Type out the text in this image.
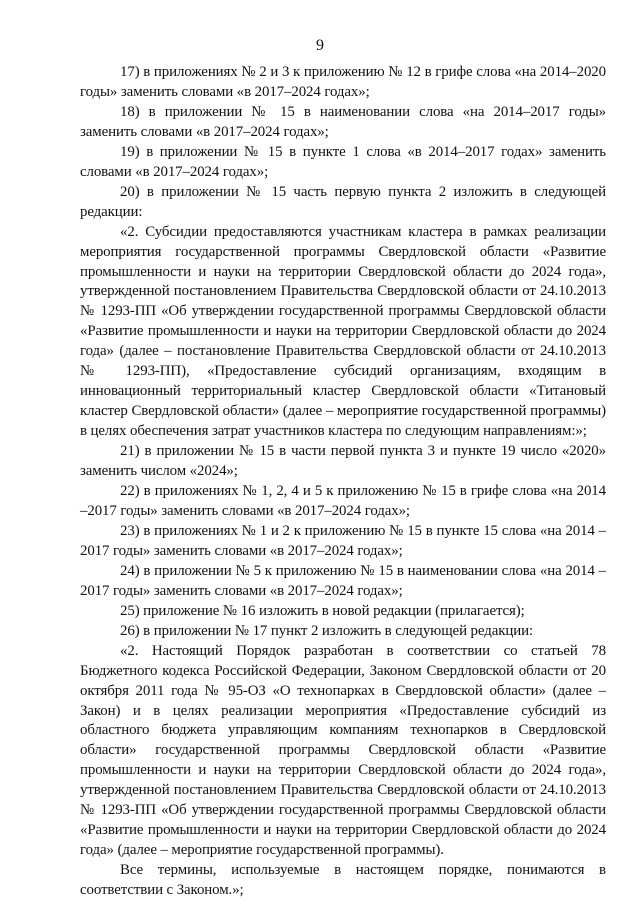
9

17) в приложениях № 2 и 3 к приложению № 12 в грифе слова «на 2014–2020 годы» заменить словами «в 2017–2024 годах»;

18) в приложении № 15 в наименовании слова «на 2014–2017 годы» заменить словами «в 2017–2024 годах»;

19) в приложении № 15 в пункте 1 слова «в 2014–2017 годах» заменить словами «в 2017–2024 годах»;

20) в приложении № 15 часть первую пункта 2 изложить в следующей редакции:

«2. Субсидии предоставляются участникам кластера в рамках реализации мероприятия государственной программы Свердловской области «Развитие промышленности и науки на территории Свердловской области до 2024 года», утвержденной постановлением Правительства Свердловской области от 24.10.2013 № 1293-ПП «Об утверждении государственной программы Свердловской области «Развитие промышленности и науки на территории Свердловской области до 2024 года» (далее – постановление Правительства Свердловской области от 24.10.2013 № 1293-ПП), «Предоставление субсидий организациям, входящим в инновационный территориальный кластер Свердловской области «Титановый кластер Свердловской области» (далее – мероприятие государственной программы) в целях обеспечения затрат участников кластера по следующим направлениям:»;

21) в приложении № 15 в части первой пункта 3 и пункте 19 число «2020» заменить числом «2024»;

22) в приложениях № 1, 2, 4 и 5 к приложению № 15 в грифе слова «на 2014 –2017 годы» заменить словами «в 2017–2024 годах»;

23) в приложениях № 1 и 2 к приложению № 15 в пункте 15 слова «на 2014 –2017 годы» заменить словами «в 2017–2024 годах»;

24) в приложении № 5 к приложению № 15 в наименовании слова «на 2014 –2017 годы» заменить словами «в 2017–2024 годах»;

25) приложение № 16 изложить в новой редакции (прилагается);

26) в приложении № 17 пункт 2 изложить в следующей редакции:

«2. Настоящий Порядок разработан в соответствии со статьей 78 Бюджетного кодекса Российской Федерации, Законом Свердловской области от 20 октября 2011 года № 95-ОЗ «О технопарках в Свердловской области» (далее – Закон) и в целях реализации мероприятия «Предоставление субсидий из областного бюджета управляющим компаниям технопарков в Свердловской области» государственной программы Свердловской области «Развитие промышленности и науки на территории Свердловской области до 2024 года», утвержденной постановлением Правительства Свердловской области от 24.10.2013 № 1293-ПП «Об утверждении государственной программы Свердловской области «Развитие промышленности и науки на территории Свердловской области до 2024 года» (далее – мероприятие государственной программы).

Все термины, используемые в настоящем порядке, понимаются в соответствии с Законом.»;
